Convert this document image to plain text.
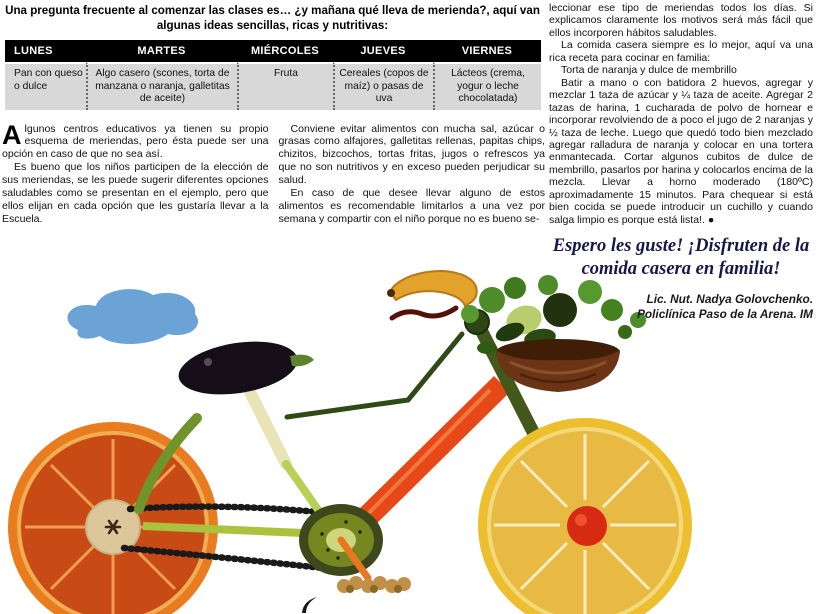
Una pregunta frecuente al comenzar las clases es… ¿y mañana qué lleva de merienda?, aquí van
algunas ideas sencillas, ricas y nutritivas:
LUNES	MARTES	MIÉRCOLES	JUEVES	VIERNES
Pan con queso o dulce	Algo casero (scones, torta de manzana o naranja, galletitas de aceite)	Fruta	Cereales (copos de maíz) o pasas de uva	Lácteos (crema, yogur o leche chocolatada)

Algunos centros educativos ya tienen su propio esquema de meriendas, pero ésta puede ser una opción en caso de que no sea así.

Es bueno que los niños participen de la elección de sus meriendas, se les puede sugerir diferentes opciones saludables como se presentan en el ejemplo, pero que ellos elijan en cada opción que les gustaría llevar a la Escuela.

Conviene evitar alimentos con mucha sal, azúcar o grasas como alfajores, galletitas rellenas, papitas chips, chizitos, bizcochos, tortas fritas, jugos o refrescos ya que no son nutritivos y en exceso pueden perjudicar su salud.

En caso de que desee llevar alguno de estos alimentos es recomendable limitarlos a una vez por semana y compartir con el niño porque no es bueno se-

leccionar ese tipo de meriendas todos los días. Si explicamos claramente los motivos será más fácil que ellos incorporen hábitos saludables.

La comida casera siempre es lo mejor, aquí va una rica receta para cocinar en familia:

Torta de naranja y dulce de membrillo

Batir a mano o con batidora 2 huevos, agregar y mezclar 1 taza de azúcar y ¼ taza de aceite. Agregar 2 tazas de harina, 1 cucharada de polvo de hornear e incorporar revolviendo de a poco el jugo de 2 naranjas y ½ taza de leche. Luego que quedó todo bien mezclado agregar ralladura de naranja y colocar en una tortera enmantecada. Cortar algunos cubitos de dulce de membrillo, pasarlos por harina y colocarlos encima de la mezcla. Llevar a horno moderado (180ºC) aproximadamente 15 minutos. Para chequear si está bien cocida se puede introducir un cuchillo y cuando salga limpio es porque está lista!. ●

Espero les guste! ¡Disfruten de la
comida casera en familia!
Lic. Nut. Nadya Golovchenko.
Policlínica Paso de la Arena. IM
